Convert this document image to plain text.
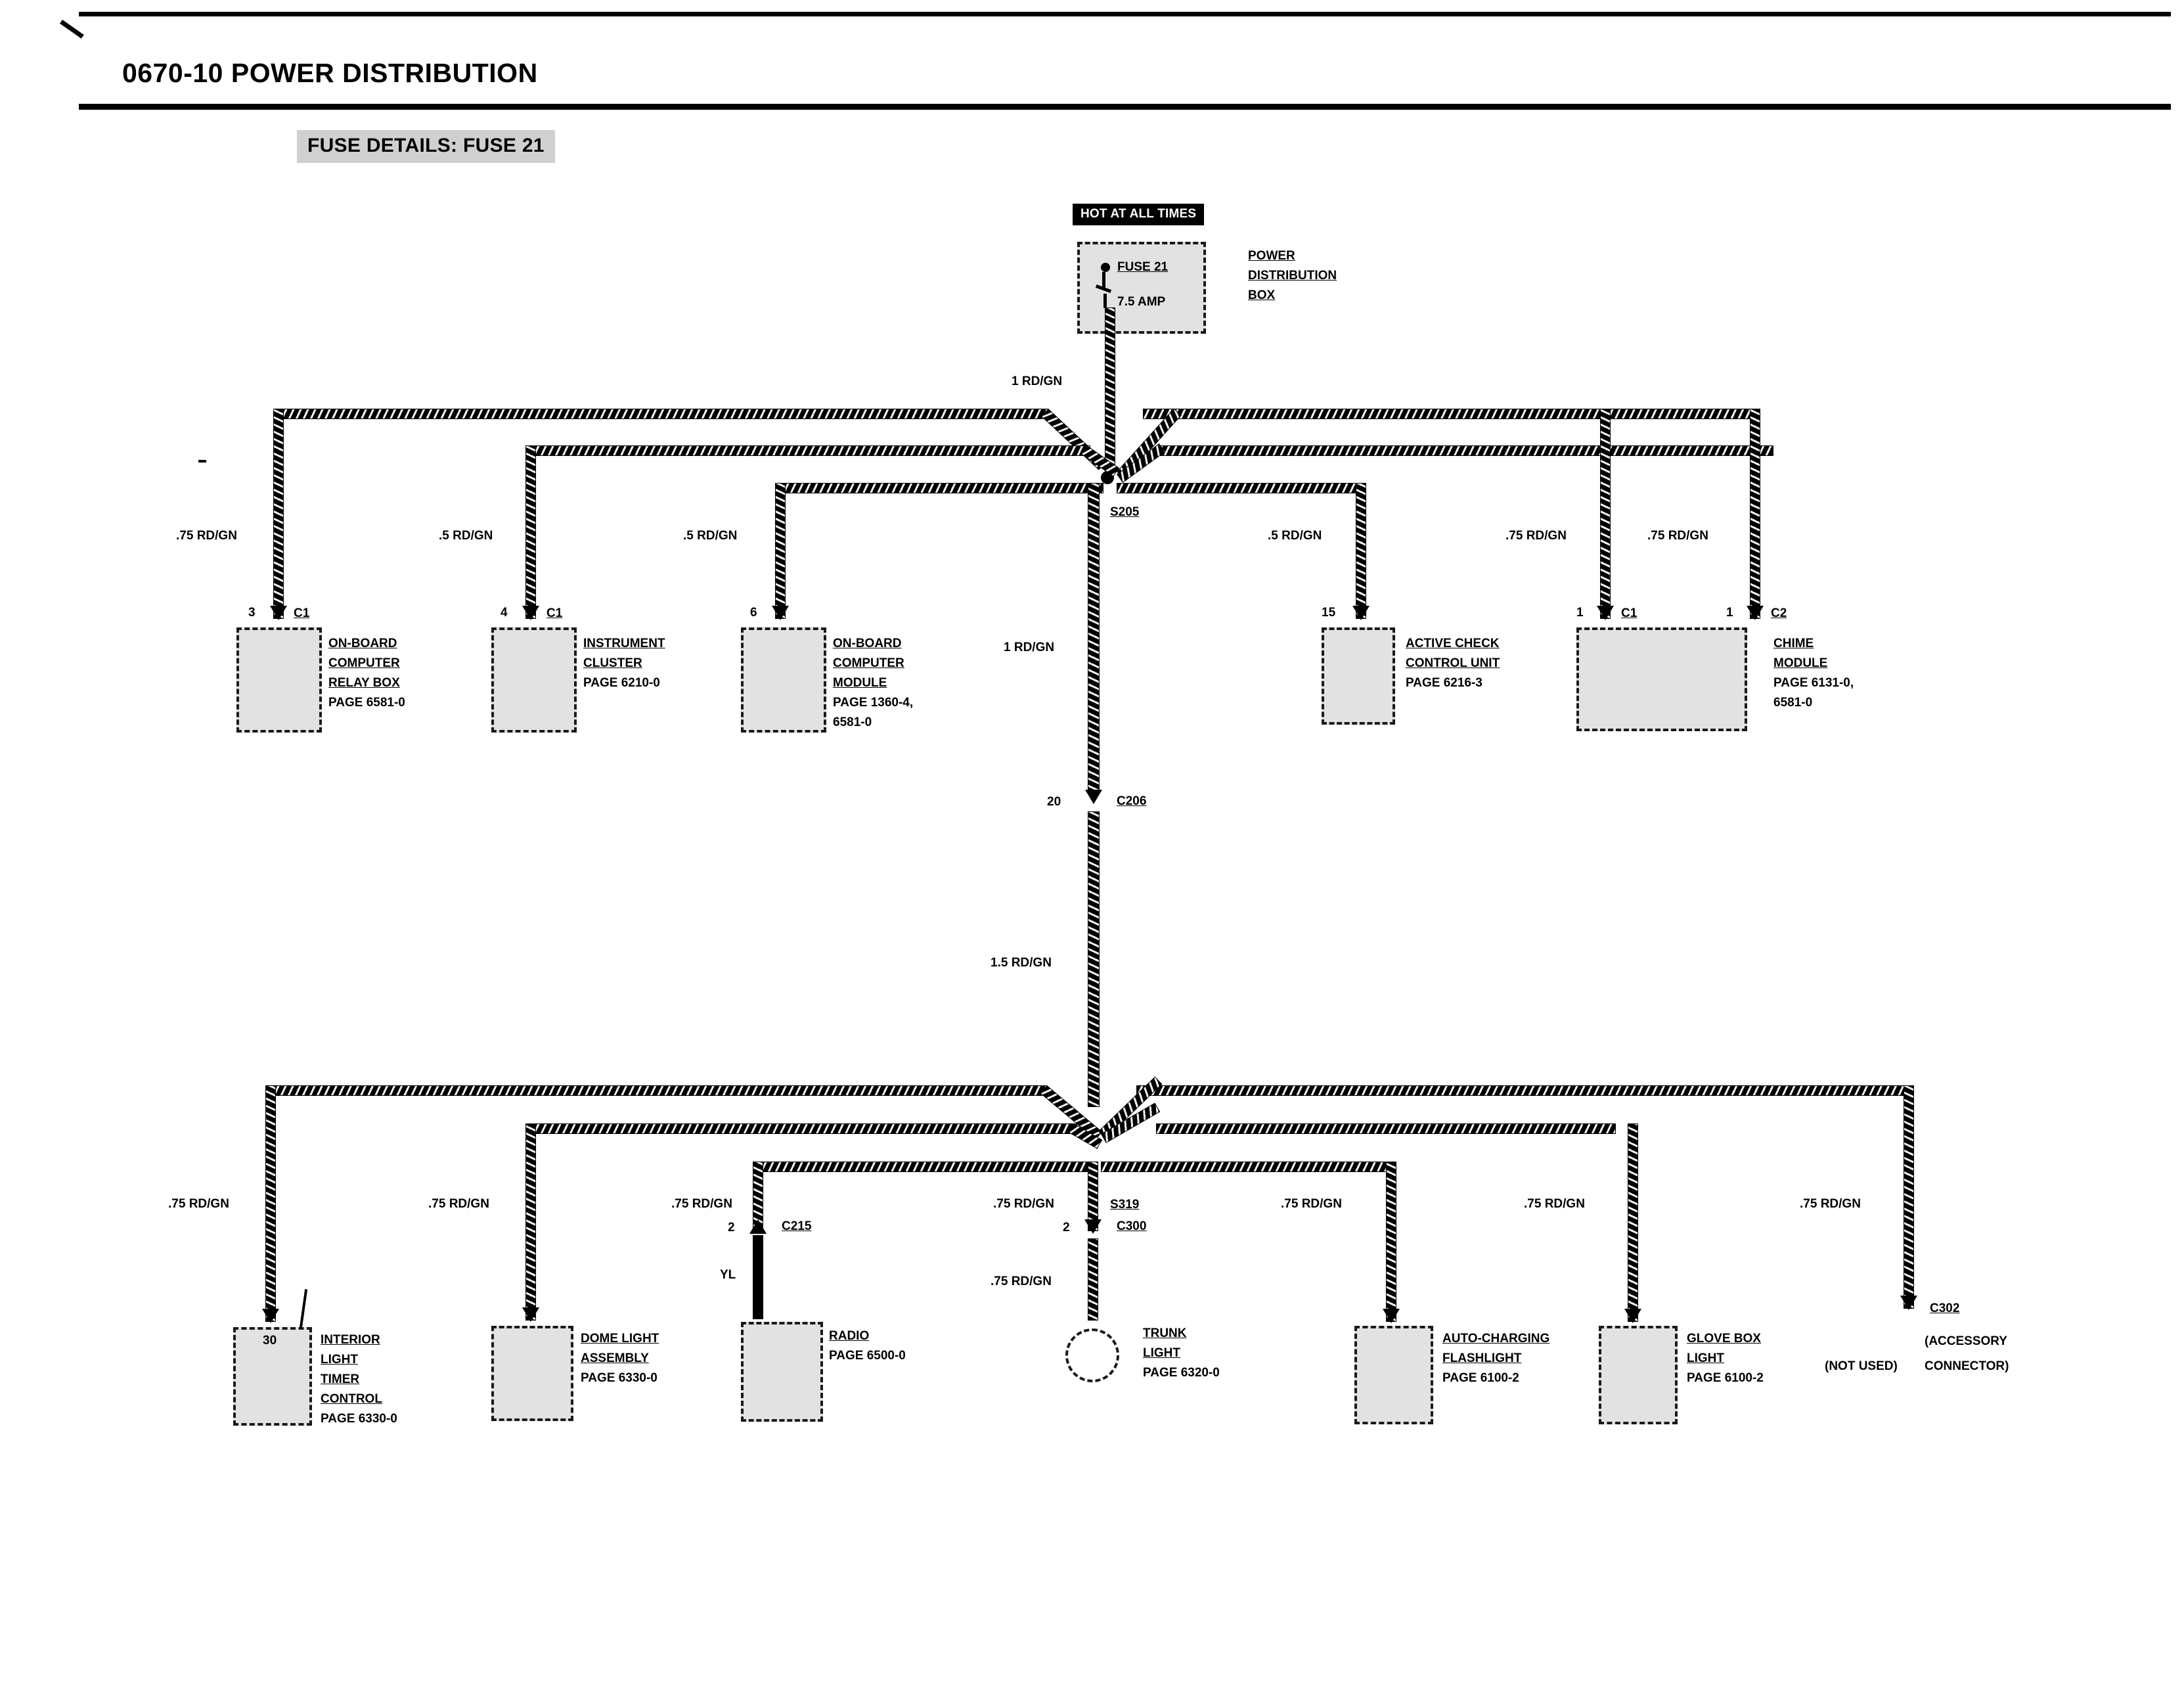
0670-10 POWER DISTRIBUTION
FUSE DETAILS: FUSE 21
HOT AT ALL TIMES
FUSE 21
7.5 AMP
POWER
DISTRIBUTION
BOX
1 RD/GN
S205
.75 RD/GN	.5 RD/GN	.5 RD/GN	.5 RD/GN	.75 RD/GN	.75 RD/GN
3	C1	4	C1	6	15	1	C1	1	C2
ON-BOARD
COMPUTER
RELAY BOX
PAGE 6581-0
INSTRUMENT
CLUSTER
PAGE 6210-0
ON-BOARD
COMPUTER
MODULE
PAGE 1360-4,
6581-0
ACTIVE CHECK
CONTROL UNIT
PAGE 6216-3
CHIME
MODULE
PAGE 6131-0,
6581-0
1 RD/GN
20	C206
1.5 RD/GN
S319
.75 RD/GN	.75 RD/GN	.75 RD/GN	.75 RD/GN	.75 RD/GN	.75 RD/GN	.75 RD/GN
2	C215
YL
2	C300
.75 RD/GN
C302
(NOT USED)
(ACCESSORY
CONNECTOR)
30	INTERIOR
LIGHT
TIMER
CONTROL
PAGE 6330-0
DOME LIGHT
ASSEMBLY
PAGE 6330-0
RADIO
PAGE 6500-0
TRUNK
LIGHT
PAGE 6320-0
AUTO-CHARGING
FLASHLIGHT
PAGE 6100-2
GLOVE BOX
LIGHT
PAGE 6100-2
